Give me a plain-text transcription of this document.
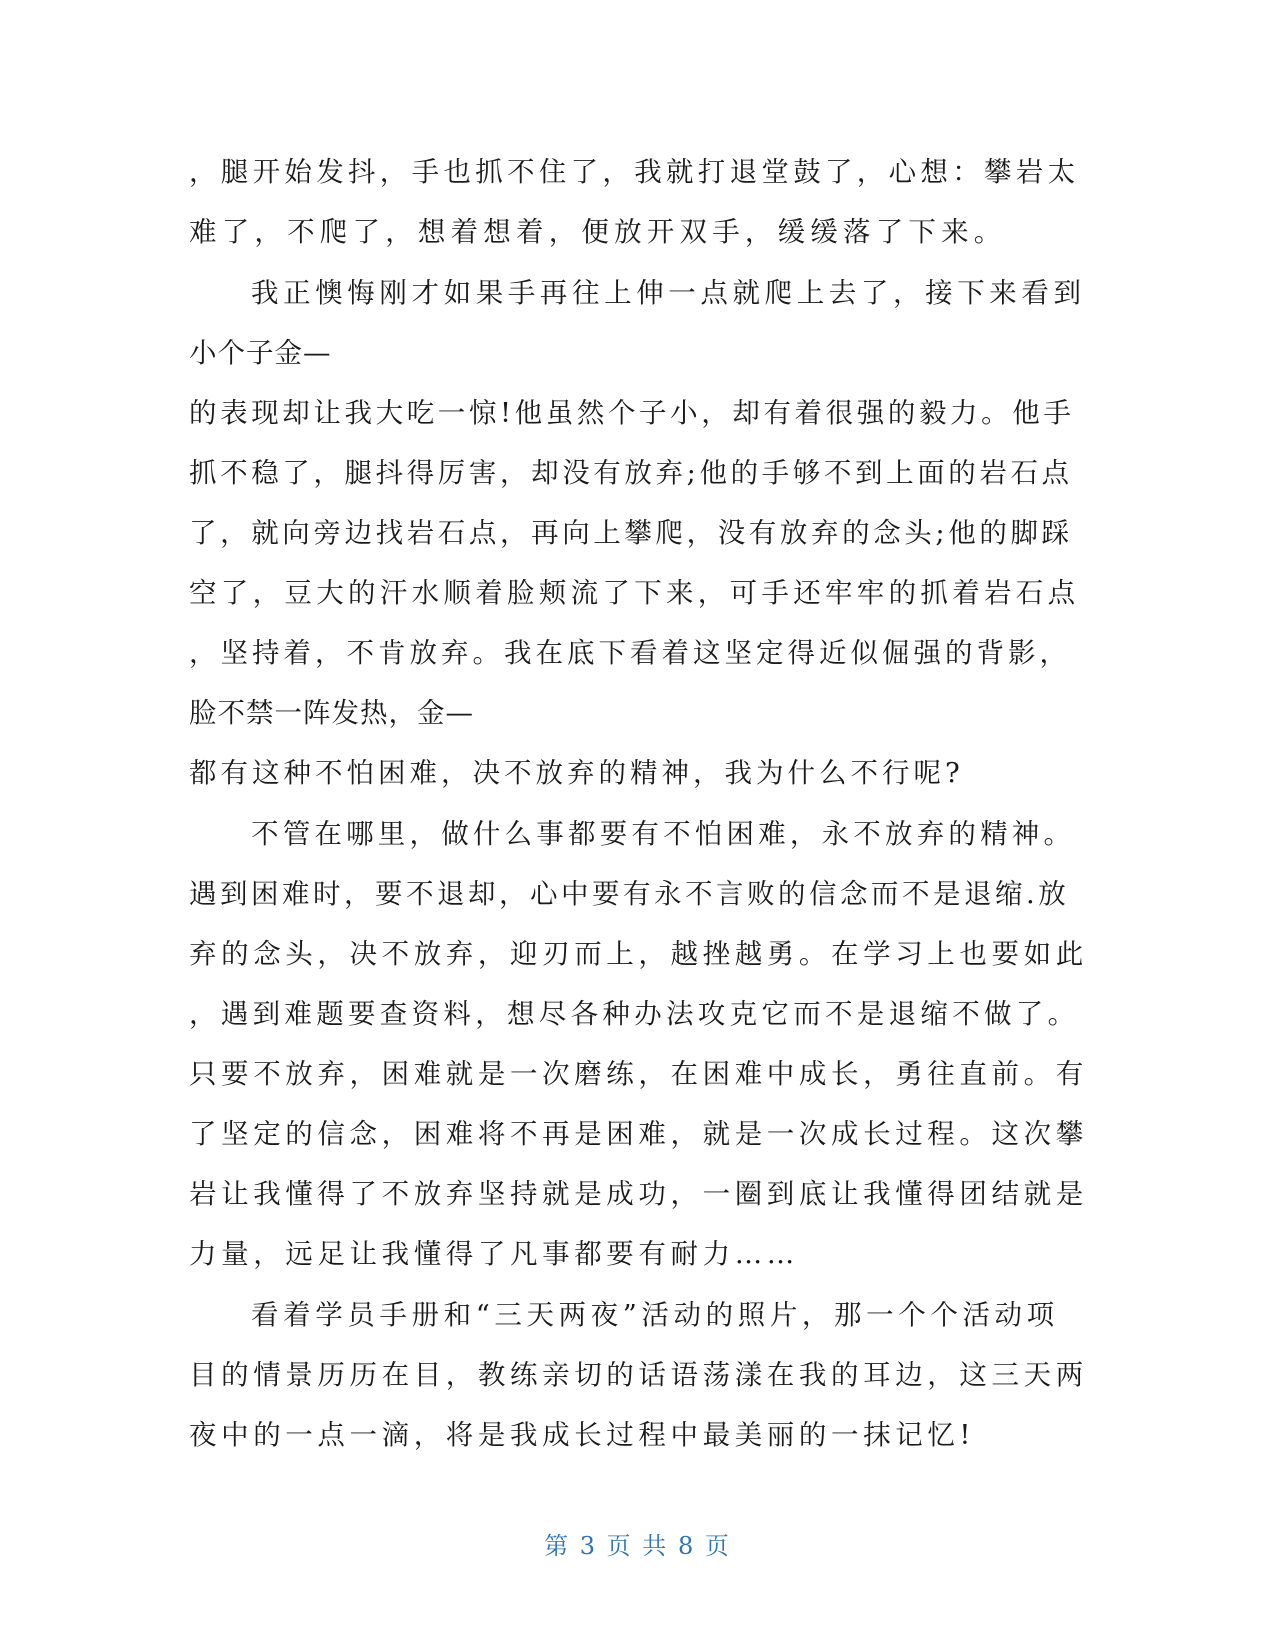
，腿开始发抖，手也抓不住了，我就打退堂鼓了，心想：攀岩太

难了，不爬了，想着想着，便放开双手，缓缓落了下来。

我正懊悔刚才如果手再往上伸一点就爬上去了，接下来看到

小个子金—

的表现却让我大吃一惊!他虽然个子小，却有着很强的毅力。他手

抓不稳了，腿抖得厉害，却没有放弃;他的手够不到上面的岩石点

了，就向旁边找岩石点，再向上攀爬，没有放弃的念头;他的脚踩

空了，豆大的汗水顺着脸颊流了下来，可手还牢牢的抓着岩石点

，坚持着，不肯放弃。我在底下看着这坚定得近似倔强的背影，

脸不禁一阵发热，金—

都有这种不怕困难，决不放弃的精神，我为什么不行呢?

不管在哪里，做什么事都要有不怕困难，永不放弃的精神。

遇到困难时，要不退却，心中要有永不言败的信念而不是退缩.放

弃的念头，决不放弃，迎刃而上，越挫越勇。在学习上也要如此

，遇到难题要查资料，想尽各种办法攻克它而不是退缩不做了。

只要不放弃，困难就是一次磨练，在困难中成长，勇往直前。有

了坚定的信念，困难将不再是困难，就是一次成长过程。这次攀

岩让我懂得了不放弃坚持就是成功，一圈到底让我懂得团结就是

力量，远足让我懂得了凡事都要有耐力……

看着学员手册和“三天两夜”活动的照片，那一个个活动项

目的情景历历在目，教练亲切的话语荡漾在我的耳边，这三天两

夜中的一点一滴，将是我成长过程中最美丽的一抹记忆!

第 3 页 共 8 页
